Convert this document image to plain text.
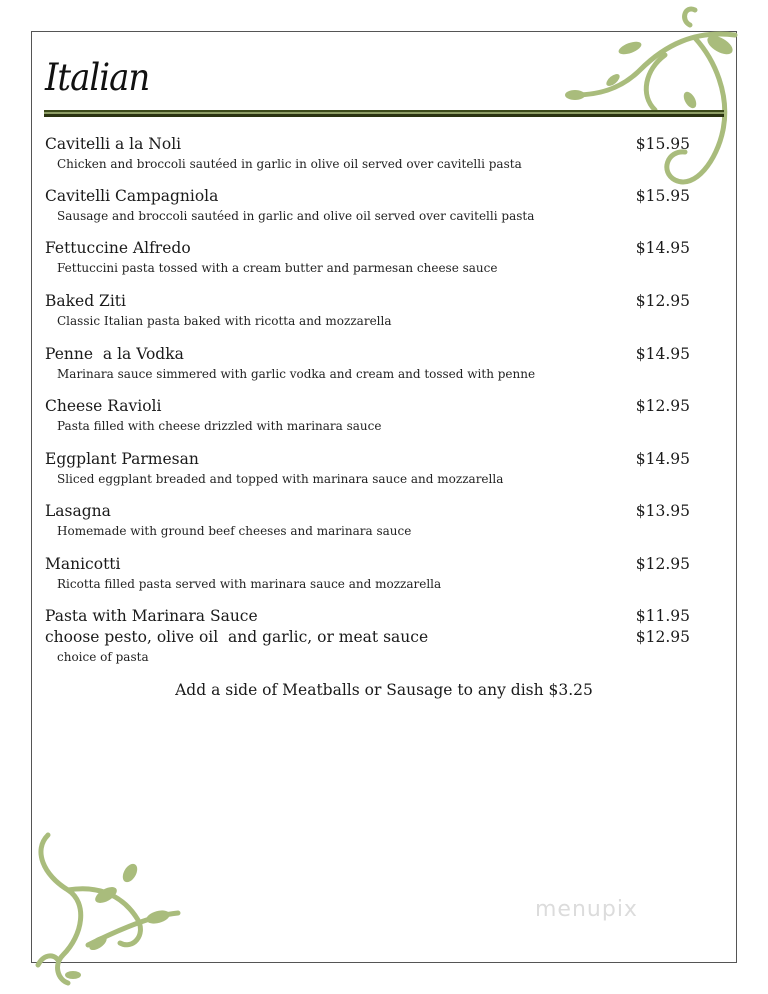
Italian
Cavitelli a la Noli	$15.95
Chicken and broccoli sautéed in garlic in olive oil served over cavitelli pasta
Cavitelli Campagniola	$15.95
Sausage and broccoli sautéed in garlic and olive oil served over cavitelli pasta
Fettuccine Alfredo	$14.95
Fettuccini pasta tossed with a cream butter and parmesan cheese sauce
Baked Ziti	$12.95
Classic Italian pasta baked with ricotta and mozzarella
Penne  a la Vodka	$14.95
Marinara sauce simmered with garlic vodka and cream and tossed with penne
Cheese Ravioli	$12.95
Pasta filled with cheese drizzled with marinara sauce
Eggplant Parmesan	$14.95
Sliced eggplant breaded and topped with marinara sauce and mozzarella
Lasagna	$13.95
Homemade with ground beef cheeses and marinara sauce
Manicotti	$12.95
Ricotta filled pasta served with marinara sauce and mozzarella
Pasta with Marinara Sauce	$11.95
choose pesto, olive oil  and garlic, or meat sauce	$12.95
choice of pasta
Add a side of Meatballs or Sausage to any dish $3.25
menupix
